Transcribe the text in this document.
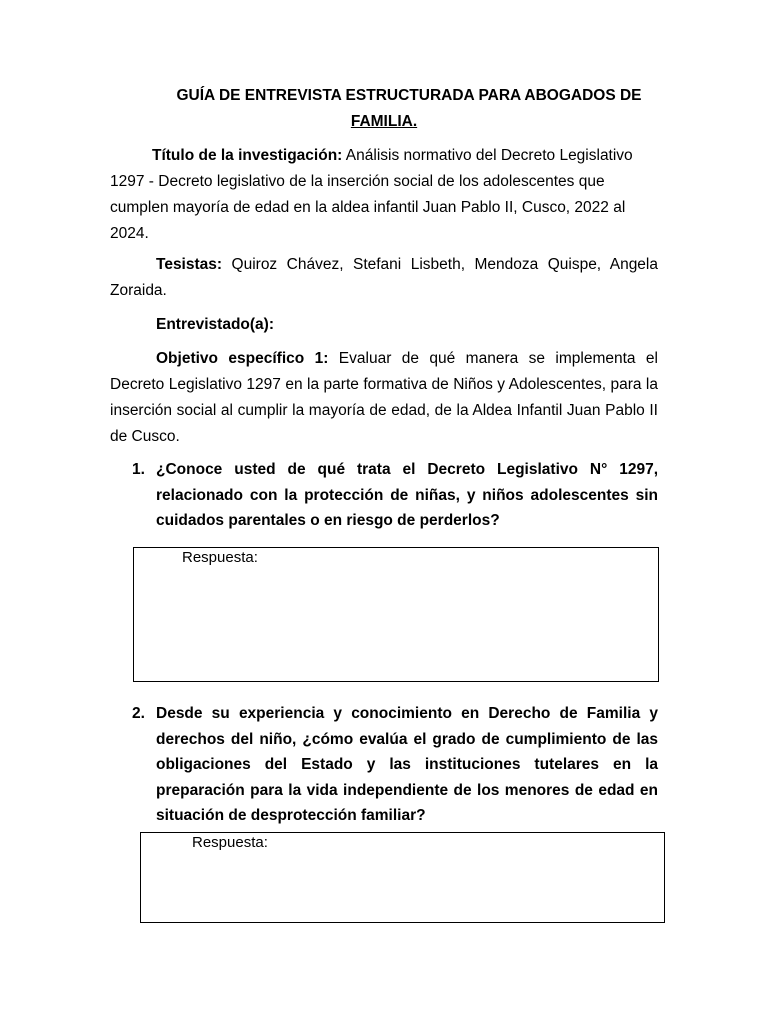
GUÍA DE ENTREVISTA ESTRUCTURADA PARA ABOGADOS DE
FAMILIA.

Título de la investigación: Análisis normativo del Decreto Legislativo 1297 - Decreto legislativo de la inserción social de los adolescentes que cumplen mayoría de edad en la aldea infantil Juan Pablo II, Cusco, 2022 al 2024.

Tesistas: Quiroz Chávez, Stefani Lisbeth, Mendoza Quispe, Angela Zoraida.

Entrevistado(a):

Objetivo específico 1: Evaluar de qué manera se implementa el Decreto Legislativo 1297 en la parte formativa de Niños y Adolescentes, para la inserción social al cumplir la mayoría de edad, de la Aldea Infantil Juan Pablo II de Cusco.

1. ¿Conoce usted de qué trata el Decreto Legislativo N° 1297, relacionado con la protección de niñas, y niños adolescentes sin cuidados parentales o en riesgo de perderlos?
Respuesta:
2. Desde su experiencia y conocimiento en Derecho de Familia y derechos del niño, ¿cómo evalúa el grado de cumplimiento de las obligaciones del Estado y las instituciones tutelares en la preparación para la vida independiente de los menores de edad en situación de desprotección familiar?
Respuesta:
